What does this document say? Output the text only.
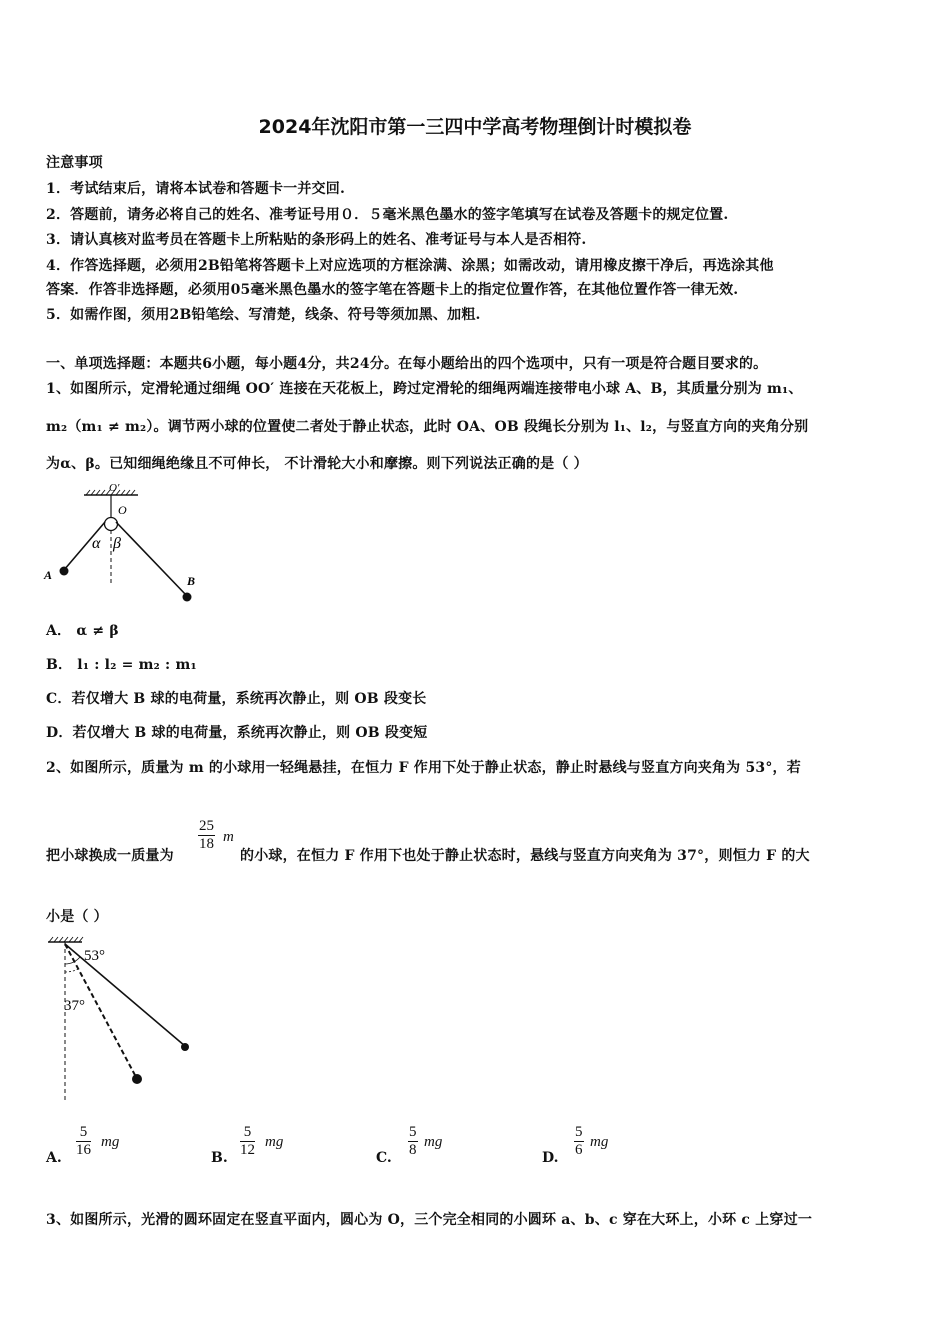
2024年沈阳市第一三四中学高考物理倒计时模拟卷
注意事项
1．考试结束后，请将本试卷和答题卡一并交回.
2．答题前，请务必将自己的姓名、准考证号用０．５毫米黑色墨水的签字笔填写在试卷及答题卡的规定位置.
3．请认真核对监考员在答题卡上所粘贴的条形码上的姓名、准考证号与本人是否相符.
4．作答选择题，必须用2B铅笔将答题卡上对应选项的方框涂满、涂黑；如需改动，请用橡皮擦干净后，再选涂其他
答案．作答非选择题，必须用05毫米黑色墨水的签字笔在答题卡上的指定位置作答，在其他位置作答一律无效.
5．如需作图，须用2B铅笔绘、写清楚，线条、符号等须加黑、加粗.
一、单项选择题：本题共6小题，每小题4分，共24分。在每小题给出的四个选项中，只有一项是符合题目要求的。
1、如图所示，定滑轮通过细绳 OO′ 连接在天花板上，跨过定滑轮的细绳两端连接带电小球 A、B，其质量分别为 m₁、
m₂（m₁ ≠ m₂）。调节两小球的位置使二者处于静止状态，此时 OA、OB 段绳长分别为 l₁、l₂，与竖直方向的夹角分别
为α、β。已知细绳绝缘且不可伸长， 不计滑轮大小和摩擦。则下列说法正确的是（ ）
O′
O
α β
A	B
A． α ≠ β
B． l₁ : l₂ = m₂ : m₁
C．若仅增大 B 球的电荷量，系统再次静止，则 OB 段变长
D．若仅增大 B 球的电荷量，系统再次静止，则 OB 段变短
2、如图所示，质量为 m 的小球用一轻绳悬挂，在恒力 F 作用下处于静止状态，静止时悬线与竖直方向夹角为 53°，若
把小球换成一质量为
$\frac{25}{18}$ m
的小球，在恒力 F 作用下也处于静止状态时，悬线与竖直方向夹角为 37°，则恒力 F 的大
小是（ ）
53°
37°
A. $\frac{5}{16}$ mg
B. $\frac{5}{12}$ mg
C. $\frac{5}{8}$ mg
D. $\frac{5}{6}$ mg
3、如图所示，光滑的圆环固定在竖直平面内，圆心为 O，三个完全相同的小圆环 a、b、c 穿在大环上，小环 c 上穿过一
